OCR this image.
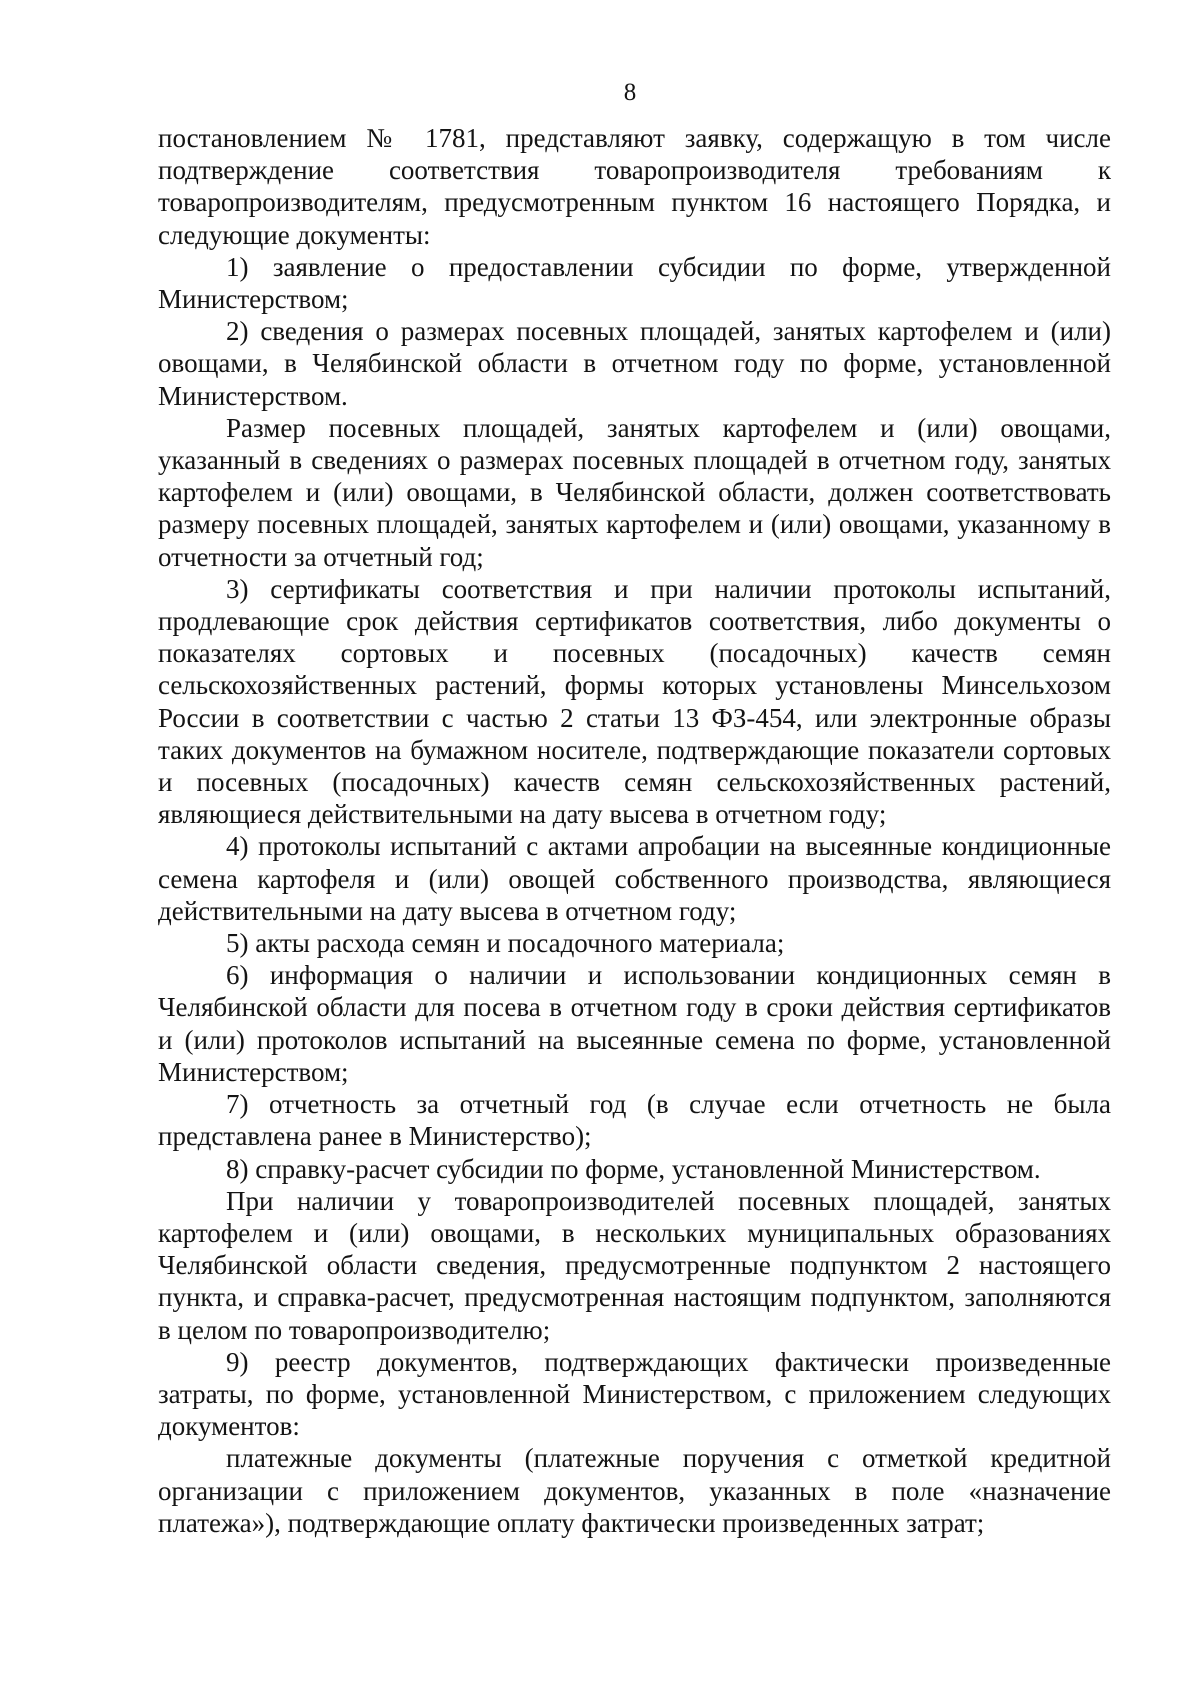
8

постановлением № 1781, представляют заявку, содержащую в том числе подтверждение соответствия товаропроизводителя требованиям к товаропроизводителям, предусмотренным пунктом 16 настоящего Порядка, и следующие документы:

1) заявление о предоставлении субсидии по форме, утвержденной Министерством;

2) сведения о размерах посевных площадей, занятых картофелем и (или) овощами, в Челябинской области в отчетном году по форме, установленной Министерством.

Размер посевных площадей, занятых картофелем и (или) овощами, указанный в сведениях о размерах посевных площадей в отчетном году, занятых картофелем и (или) овощами, в Челябинской области, должен соответствовать размеру посевных площадей, занятых картофелем и (или) овощами, указанному в отчетности за отчетный год;

3) сертификаты соответствия и при наличии протоколы испытаний, продлевающие срок действия сертификатов соответствия, либо документы о показателях сортовых и посевных (посадочных) качеств семян сельскохозяйственных растений, формы которых установлены Минсельхозом России в соответствии с частью 2 статьи 13 ФЗ-454, или электронные образы таких документов на бумажном носителе, подтверждающие показатели сортовых и посевных (посадочных) качеств семян сельскохозяйственных растений, являющиеся действительными на дату высева в отчетном году;

4) протоколы испытаний с актами апробации на высеянные кондиционные семена картофеля и (или) овощей собственного производства, являющиеся действительными на дату высева в отчетном году;

5) акты расхода семян и посадочного материала;

6) информация о наличии и использовании кондиционных семян в Челябинской области для посева в отчетном году в сроки действия сертификатов и (или) протоколов испытаний на высеянные семена по форме, установленной Министерством;

7) отчетность за отчетный год (в случае если отчетность не была представлена ранее в Министерство);

8) справку-расчет субсидии по форме, установленной Министерством.

При наличии у товаропроизводителей посевных площадей, занятых картофелем и (или) овощами, в нескольких муниципальных образованиях Челябинской области сведения, предусмотренные подпунктом 2 настоящего пункта, и справка-расчет, предусмотренная настоящим подпунктом, заполняются в целом по товаропроизводителю;

9) реестр документов, подтверждающих фактически произведенные затраты, по форме, установленной Министерством, с приложением следующих документов:

платежные документы (платежные поручения с отметкой кредитной организации с приложением документов, указанных в поле «назначение платежа»), подтверждающие оплату фактически произведенных затрат;
